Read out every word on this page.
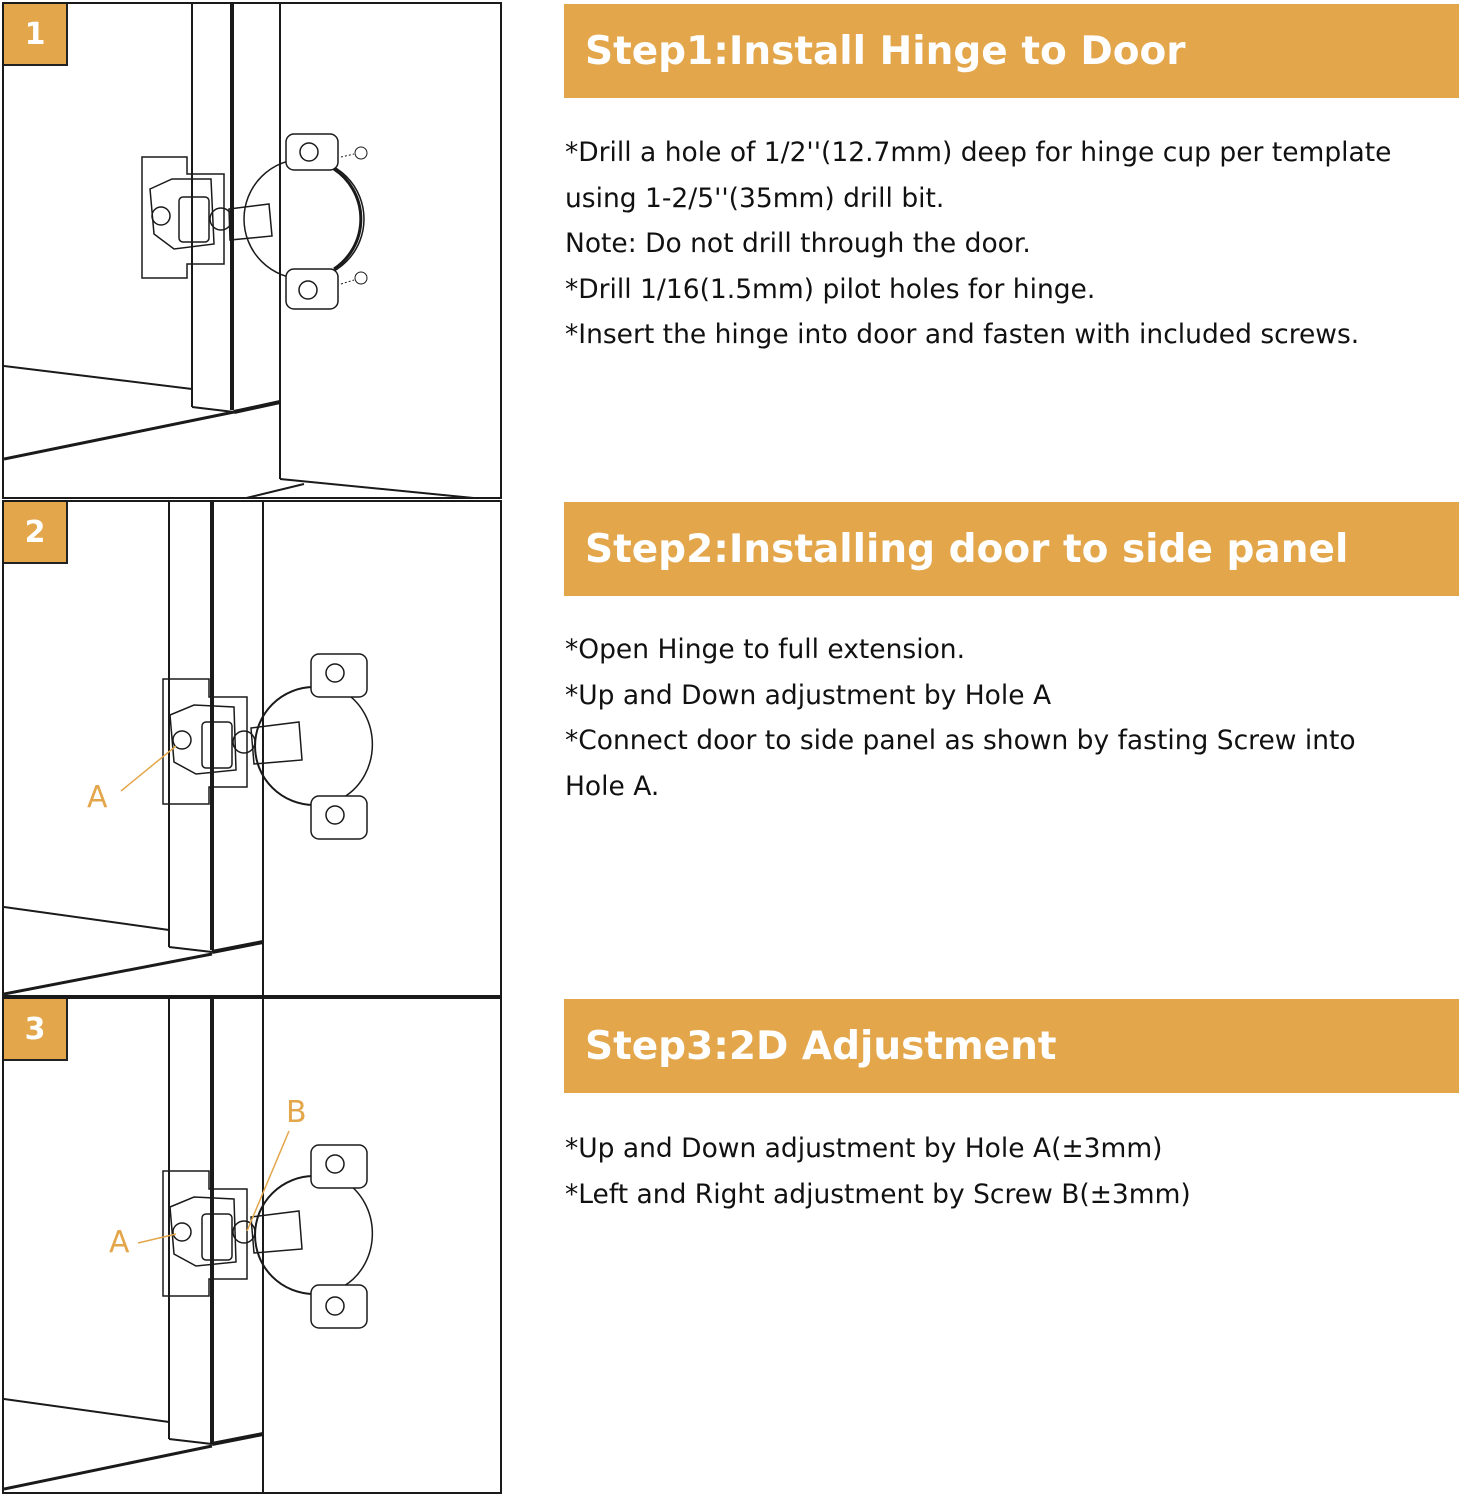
1
2
A
3
A
B
Step1:Install Hinge to Door

*Drill a hole of 1/2''(12.7mm) deep for hinge cup per template

using 1-2/5''(35mm) drill bit.

Note: Do not drill through the door.

*Drill 1/16(1.5mm) pilot holes for hinge.

*Insert the hinge into door and fasten with included screws.

Step2:Installing door to side panel

*Open Hinge to full extension.

*Up and Down adjustment by Hole A

*Connect door to side panel as shown by fasting Screw into

Hole A.

Step3:2D Adjustment

*Up and Down adjustment by Hole A(±3mm)

*Left and Right adjustment by Screw B(±3mm)
